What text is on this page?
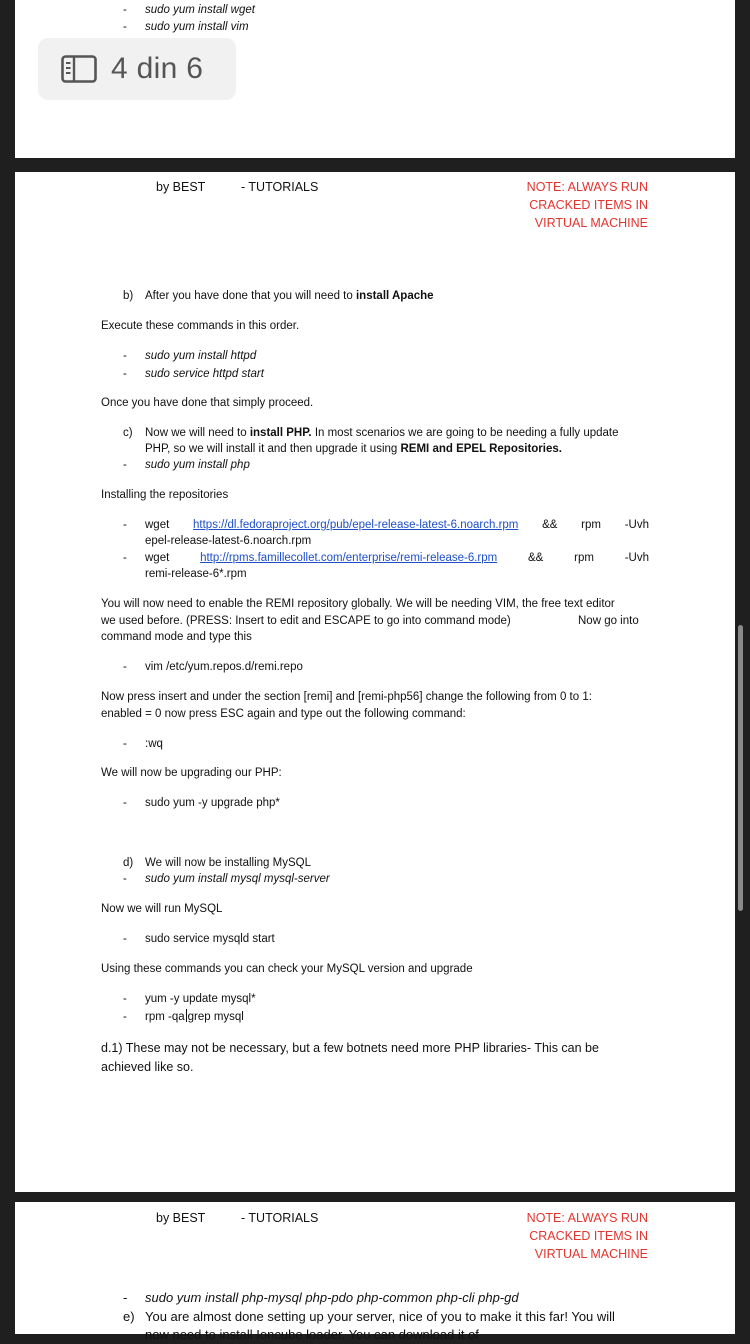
- sudo yum install wget
- sudo yum install vim
4 din 6
by BEST	- TUTORIALS	NOTE: ALWAYS RUN
CRACKED ITEMS IN
VIRTUAL MACHINE
b) After you have done that you will need to install Apache
Execute these commands in this order.
- sudo yum install httpd
- sudo service httpd start
Once you have done that simply proceed.
c) Now we will need to install PHP. In most scenarios we are going to be needing a fully update
PHP, so we will install it and then upgrade it using REMI and EPEL Repositories.
- sudo yum install php
Installing the repositories
- wget https://dl.fedoraproject.org/pub/epel-release-latest-6.noarch.rpm && rpm -Uvh
epel-release-latest-6.noarch.rpm
- wget	http://rpms.famillecollet.com/enterprise/remi-release-6.rpm	&&	rpm	-Uvh
remi-release-6*.rpm
You will now need to enable the REMI repository globally. We will be needing VIM, the free text editor
we used before. (PRESS: Insert to edit and ESCAPE to go into command mode)	Now go into
command mode and type this
- vim /etc/yum.repos.d/remi.repo
Now press insert and under the section [remi] and [remi-php56] change the following from 0 to 1:
enabled = 0 now press ESC again and type out the following command:
- :wq
We will now be upgrading our PHP:
- sudo yum -y upgrade php*
d) We will now be installing MySQL
- sudo yum install mysql mysql-server
Now we will run MySQL
- sudo service mysqld start
Using these commands you can check your MySQL version and upgrade
- yum -y update mysql*
- rpm -qa grep mysql
d.1) These may not be necessary, but a few botnets need more PHP libraries- This can be
achieved like so.
by BEST	- TUTORIALS	NOTE: ALWAYS RUN
CRACKED ITEMS IN
VIRTUAL MACHINE
- sudo yum install php-mysql php-pdo php-common php-cli php-gd
e) You are almost done setting up your server, nice of you to make it this far! You will
now need to install Ioncube loader. You can download it of
